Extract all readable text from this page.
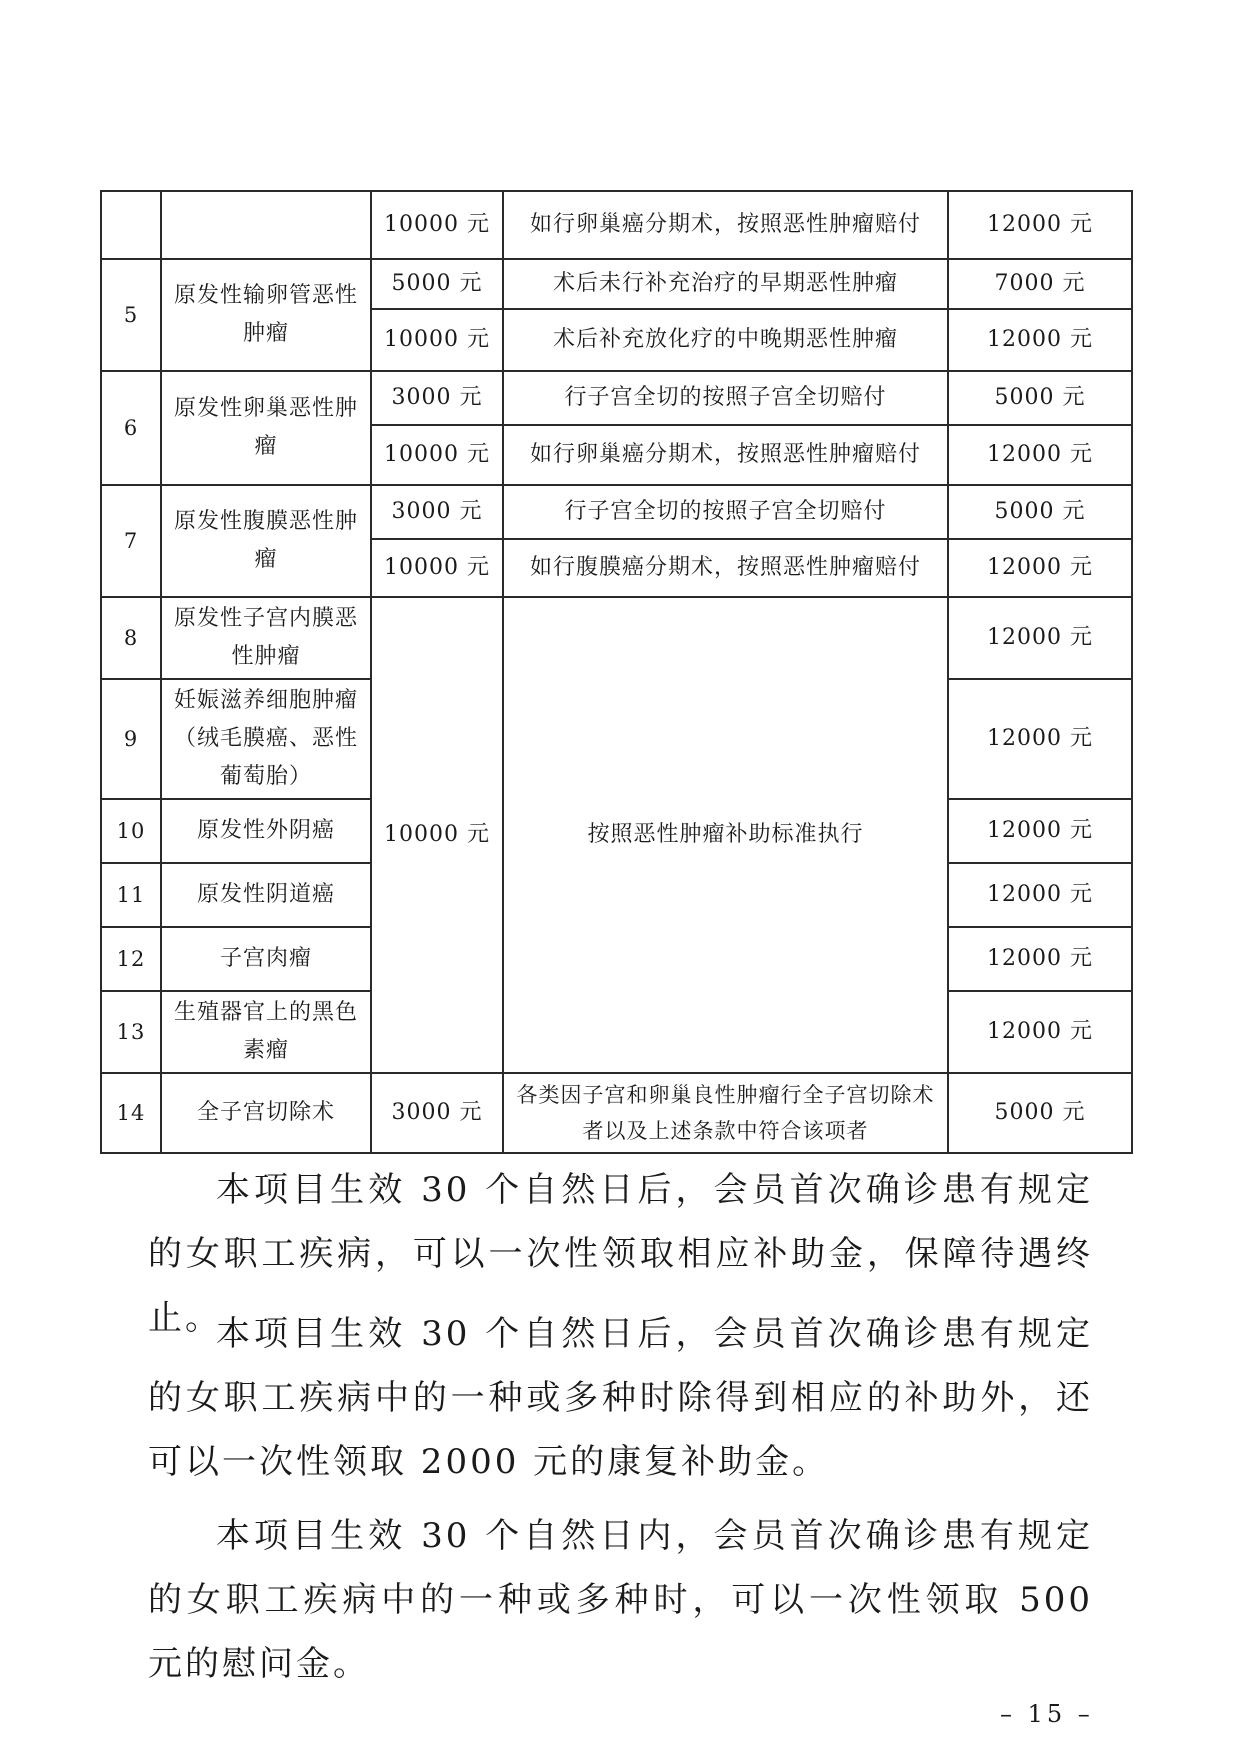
		10000 元	如行卵巢癌分期术，按照恶性肿瘤赔付	12000 元
5	原发性输卵管恶性肿瘤	5000 元	术后未行补充治疗的早期恶性肿瘤	7000 元
		10000 元	术后补充放化疗的中晚期恶性肿瘤	12000 元
6	原发性卵巢恶性肿瘤	3000 元	行子宫全切的按照子宫全切赔付	5000 元
		10000 元	如行卵巢癌分期术，按照恶性肿瘤赔付	12000 元
7	原发性腹膜恶性肿瘤	3000 元	行子宫全切的按照子宫全切赔付	5000 元
		10000 元	如行腹膜癌分期术，按照恶性肿瘤赔付	12000 元
8	原发性子宫内膜恶性肿瘤	10000 元	按照恶性肿瘤补助标准执行	12000 元
9	妊娠滋养细胞肿瘤（绒毛膜癌、恶性葡萄胎）			12000 元
10	原发性外阴癌			12000 元
11	原发性阴道癌			12000 元
12	子宫肉瘤			12000 元
13	生殖器官上的黑色素瘤			12000 元
14	全子宫切除术	3000 元	各类因子宫和卵巢良性肿瘤行全子宫切除术者以及上述条款中符合该项者	5000 元

本项目生效 30 个自然日后，会员首次确诊患有规定的女职工疾病，可以一次性领取相应补助金，保障待遇终止。

本项目生效 30 个自然日后，会员首次确诊患有规定的女职工疾病中的一种或多种时除得到相应的补助外，还可以一次性领取 2000 元的康复补助金。

本项目生效 30 个自然日内，会员首次确诊患有规定的女职工疾病中的一种或多种时，可以一次性领取 500 元的慰问金。

– 15 –
